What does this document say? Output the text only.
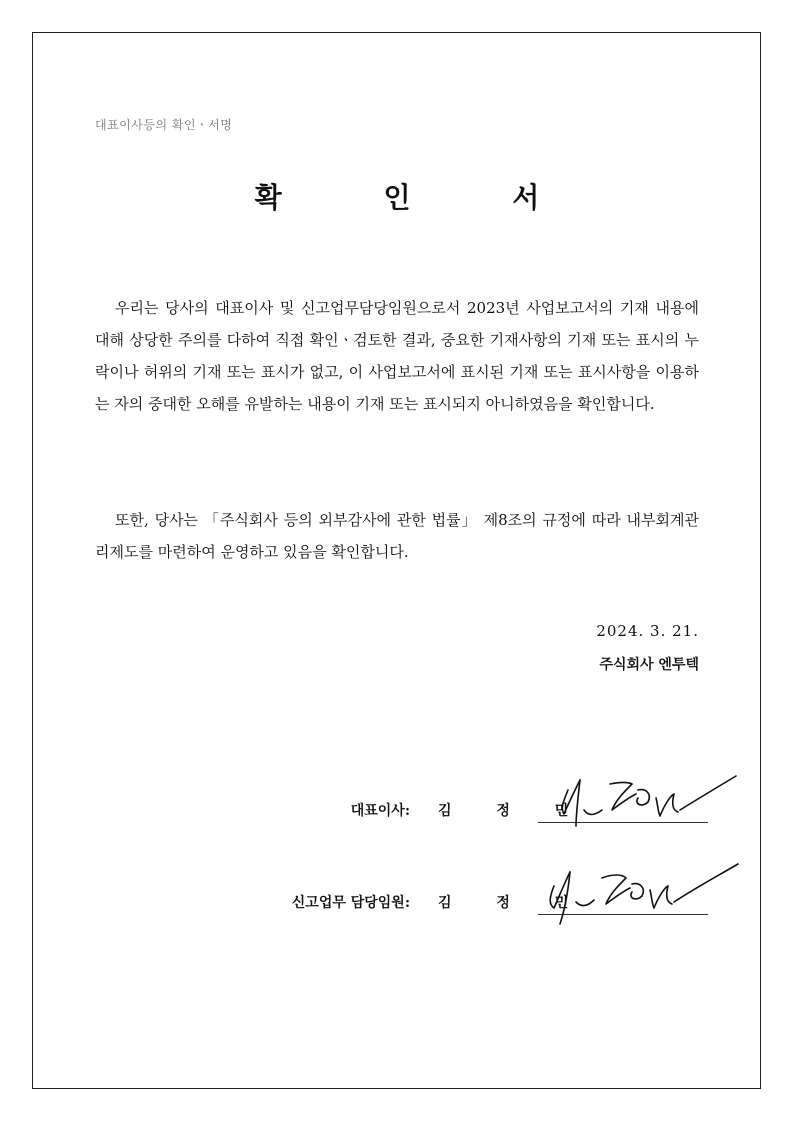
대표이사등의 확인ㆍ서명
확 인 서

우리는 당사의 대표이사 및 신고업무담당임원으로서 2023년 사업보고서의 기재 내용에 대해 상당한 주의를 다하여 직접 확인ㆍ검토한 결과, 중요한 기재사항의 기재 또는 표시의 누락이나 허위의 기재 또는 표시가 없고, 이 사업보고서에 표시된 기재 또는 표시사항을 이용하는 자의 중대한 오해를 유발하는 내용이 기재 또는 표시되지 아니하였음을 확인합니다.

또한, 당사는 「주식회사 등의 외부감사에 관한 법률」 제8조의 규정에 따라 내부회계관리제도를 마련하여 운영하고 있음을 확인합니다.

2024. 3. 21.
주식회사 엔투텍
대표이사: 김 정 민
신고업무 담당임원: 김 정 민
